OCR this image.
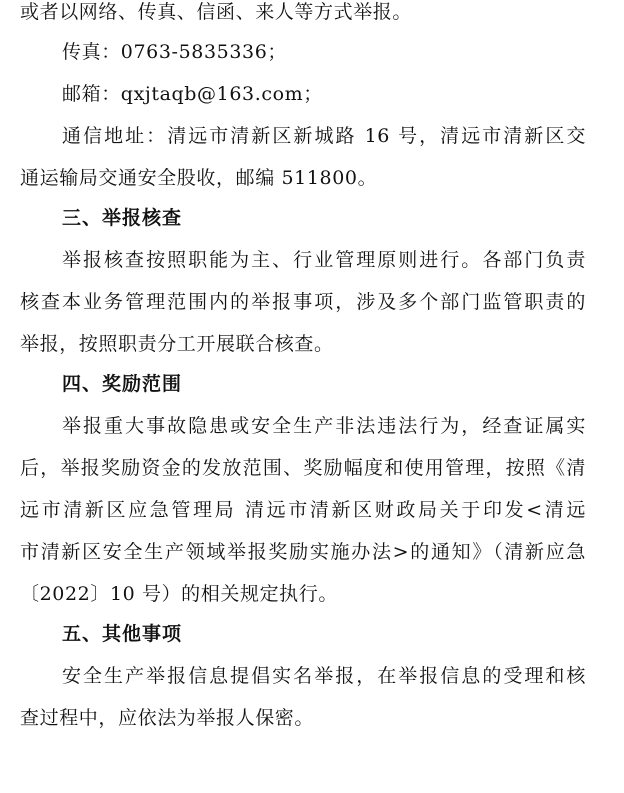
或者以网络、传真、信函、来人等方式举报。
传真：0763-5835336；
邮箱：qxjtaqb@163.com；
通信地址：清远市清新区新城路 16 号，清远市清新区交
通运输局交通安全股收，邮编 511800。
三、举报核查
举报核查按照职能为主、行业管理原则进行。各部门负责
核查本业务管理范围内的举报事项，涉及多个部门监管职责的
举报，按照职责分工开展联合核查。
四、奖励范围
举报重大事故隐患或安全生产非法违法行为，经查证属实
后，举报奖励资金的发放范围、奖励幅度和使用管理，按照《清
远市清新区应急管理局 清远市清新区财政局关于印发<清远
市清新区安全生产领域举报奖励实施办法>的通知》（清新应急
〔2022〕10 号）的相关规定执行。
五、其他事项
安全生产举报信息提倡实名举报，在举报信息的受理和核
查过程中，应依法为举报人保密。
